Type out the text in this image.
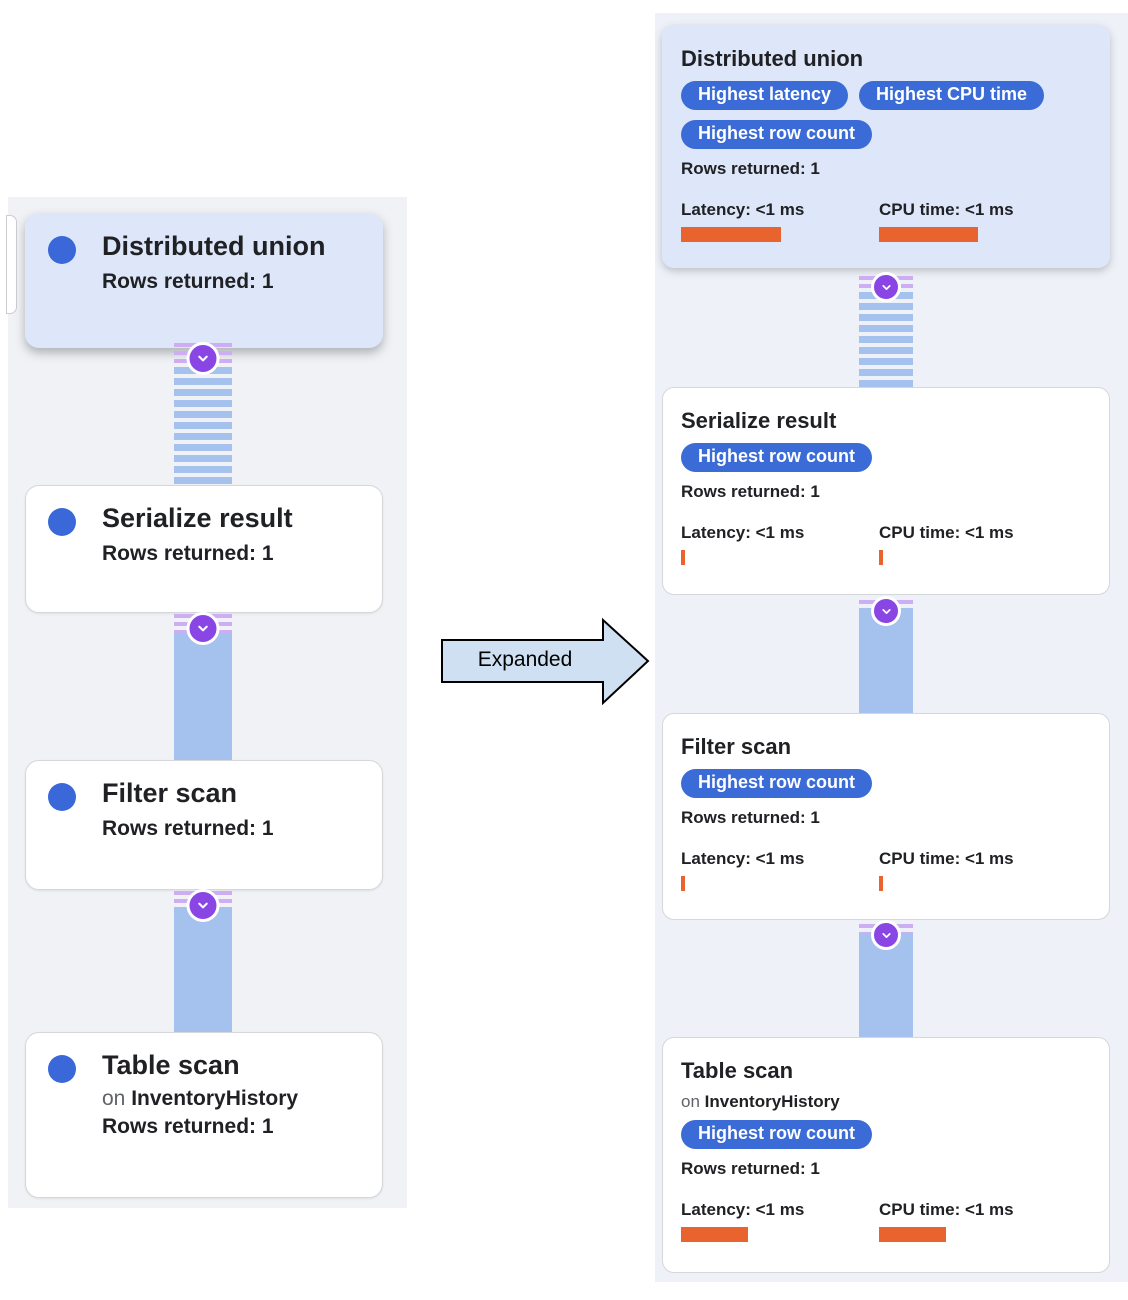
Distributed union
Rows returned: 1
Serialize result
Rows returned: 1
Filter scan
Rows returned: 1
Table scan
on InventoryHistory
Rows returned: 1
Expanded
Distributed union
Highest latency	Highest CPU time
Highest row count
Rows returned: 1
Latency: <1 ms	CPU time: <1 ms
Serialize result
Highest row count
Rows returned: 1
Latency: <1 ms	CPU time: <1 ms
Filter scan
Highest row count
Rows returned: 1
Latency: <1 ms	CPU time: <1 ms
Table scan
on InventoryHistory
Highest row count
Rows returned: 1
Latency: <1 ms	CPU time: <1 ms
